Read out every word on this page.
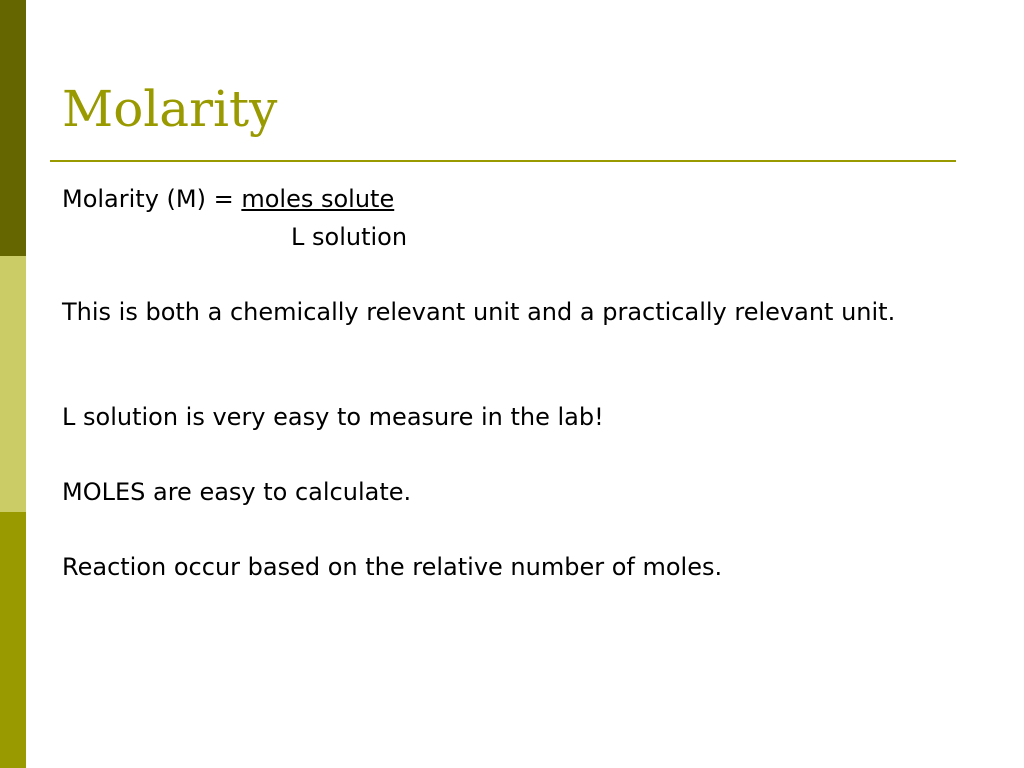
Molarity

Molarity (M) = moles solute

L solution

This is both a chemically relevant unit and a practically relevant unit.

L solution is very easy to measure in the lab!

MOLES are easy to calculate.

Reaction occur based on the relative number of moles.
